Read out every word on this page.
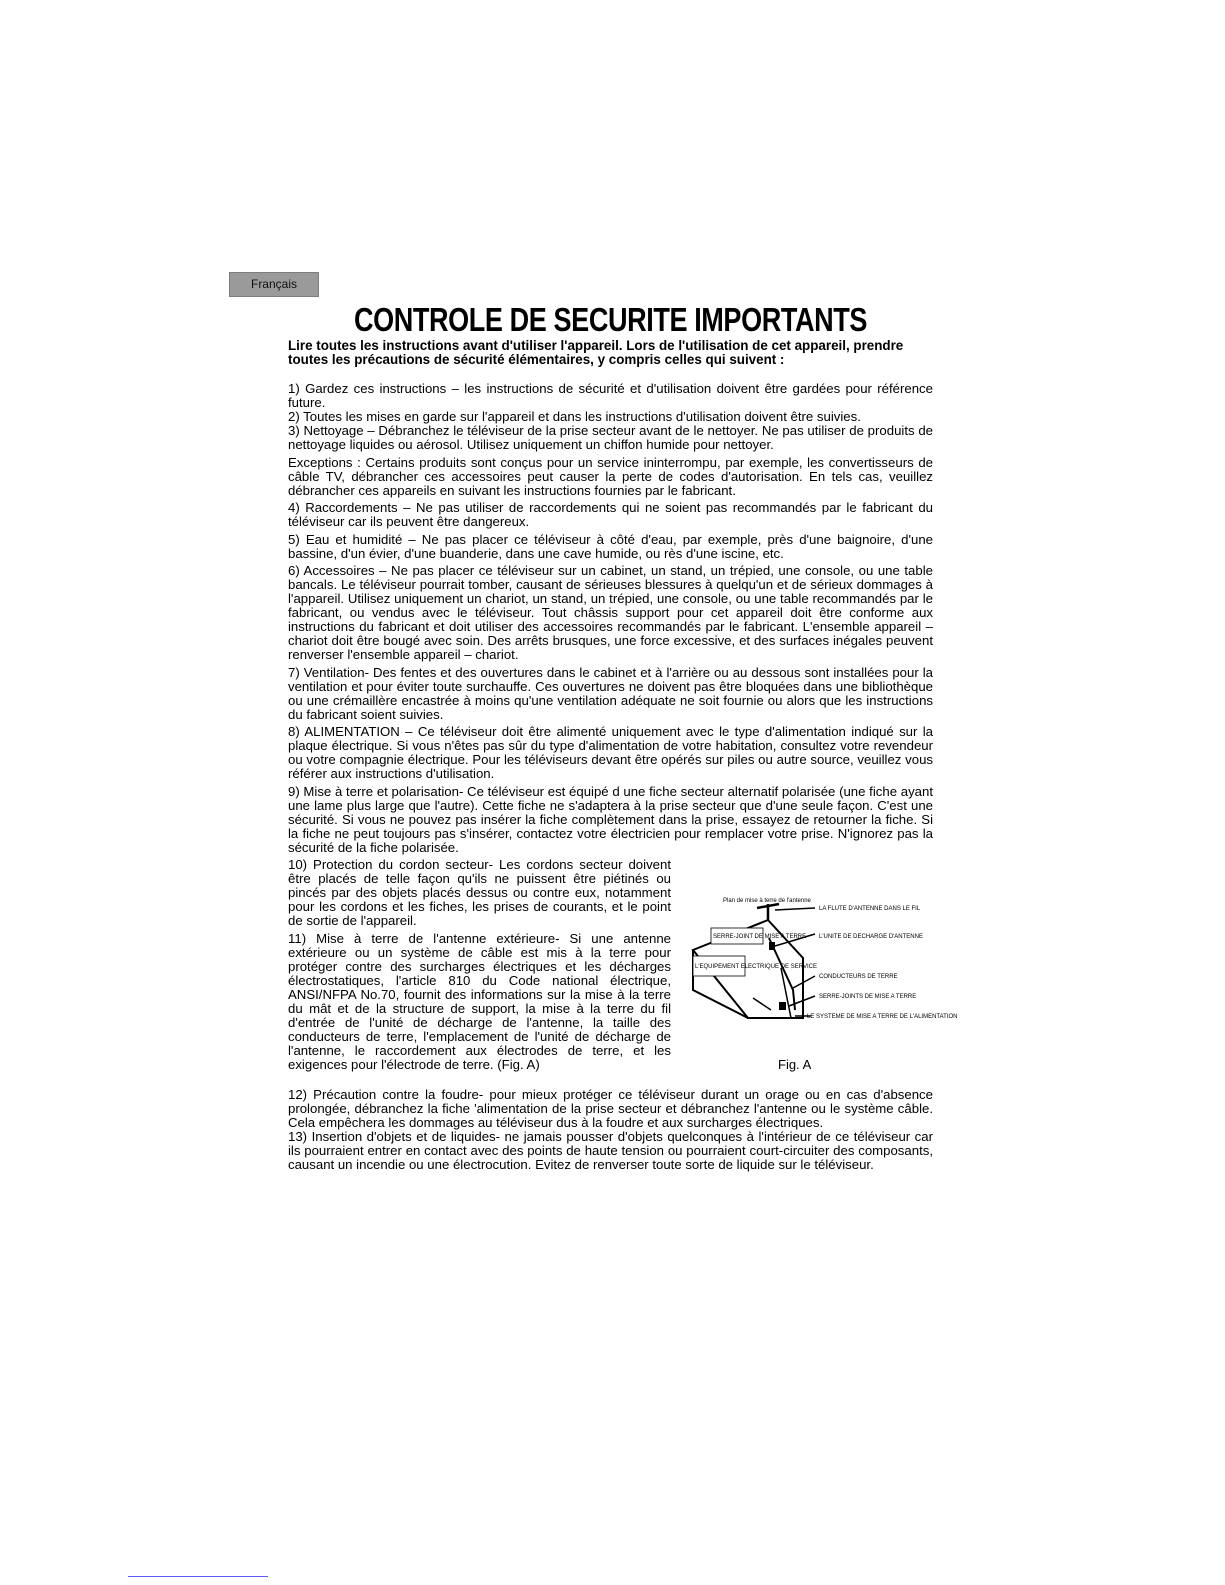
Français
CONTROLE DE SECURITE IMPORTANTS
Lire toutes les instructions avant d'utiliser l'appareil. Lors de l'utilisation de cet appareil, prendre toutes les précautions de sécurité élémentaires, y compris celles qui suivent :

1) Gardez ces instructions – les instructions de sécurité et d'utilisation doivent être gardées pour référence future.

2) Toutes les mises en garde sur l'appareil et dans les instructions d'utilisation doivent être suivies.

3) Nettoyage – Débranchez le téléviseur de la prise secteur avant de le nettoyer. Ne pas utiliser de produits de nettoyage liquides ou aérosol. Utilisez uniquement un chiffon humide pour nettoyer.

Exceptions : Certains produits sont conçus pour un service ininterrompu, par exemple, les convertisseurs de câble TV, débrancher ces accessoires peut causer la perte de codes d'autorisation. En tels cas, veuillez débrancher ces appareils en suivant les instructions fournies par le fabricant.

4) Raccordements – Ne pas utiliser de raccordements qui ne soient pas recommandés par le fabricant du téléviseur car ils peuvent être dangereux.

5) Eau et humidité – Ne pas placer ce téléviseur à côté d'eau, par exemple, près d'une baignoire, d'une bassine, d'un évier, d'une buanderie, dans une cave humide, ou rès d'une iscine, etc.

6) Accessoires – Ne pas placer ce téléviseur sur un cabinet, un stand, un trépied, une console, ou une table bancals. Le téléviseur pourrait tomber, causant de sérieuses blessures à quelqu'un et de sérieux dommages à l'appareil. Utilisez uniquement un chariot, un stand, un trépied, une console, ou une table recommandés par le fabricant, ou vendus avec le téléviseur. Tout châssis support pour cet appareil doit être conforme aux instructions du fabricant et doit utiliser des accessoires recommandés par le fabricant. L'ensemble appareil – chariot doit être bougé avec soin. Des arrêts brusques, une force excessive, et des surfaces inégales peuvent renverser l'ensemble appareil – chariot.

7) Ventilation- Des fentes et des ouvertures dans le cabinet et à l'arrière ou au dessous sont installées pour la ventilation et pour éviter toute surchauffe. Ces ouvertures ne doivent pas être bloquées dans une bibliothèque ou une crémaillère encastrée à moins qu'une ventilation adéquate ne soit fournie ou alors que les instructions du fabricant soient suivies.

8) ALIMENTATION – Ce téléviseur doit être alimenté uniquement avec le type d'alimentation indiqué sur la plaque électrique. Si vous n'êtes pas sûr du type d'alimentation de votre habitation, consultez votre revendeur ou votre compagnie électrique. Pour les téléviseurs devant être opérés sur piles ou autre source, veuillez vous référer aux instructions d'utilisation.

9) Mise à terre et polarisation- Ce téléviseur est équipé d une fiche secteur alternatif polarisée (une fiche ayant une lame plus large que l'autre). Cette fiche ne s'adaptera à la prise secteur que d'une seule façon. C'est une sécurité. Si vous ne pouvez pas insérer la fiche complètement dans la prise, essayez de retourner la fiche. Si la fiche ne peut toujours pas s'insérer, contactez votre électricien pour remplacer votre prise. N'ignorez pas la sécurité de la fiche polarisée.

Plan de mise à terre de l'antenne
LA FLUTE D'ANTENNE DANS LE FIL
L'UNITE DE DECHARGE D'ANTENNE
SERRE-JOINT DE MISE A TERRE
L'EQUIPEMENT ELECTRIQUE DE SERVICE
CONDUCTEURS DE TERRE
SERRE-JOINTS DE MISE A TERRE
LE SYSTEME DE MISE A TERRE DE L'ALIMENTATION
Fig. A

10) Protection du cordon secteur- Les cordons secteur doivent être placés de telle façon qu'ils ne puissent être piétinés ou pincés par des objets placés dessus ou contre eux, notamment pour les cordons et les fiches, les prises de courants, et le point de sortie de l'appareil.

11) Mise à terre de l'antenne extérieure- Si une antenne extérieure ou un système de câble est mis à la terre pour protéger contre des surcharges électriques et les décharges électrostatiques, l'article 810 du Code national électrique, ANSI/NFPA No.70, fournit des informations sur la mise à la terre du mât et de la structure de support, la mise à la terre du fil d'entrée de l'unité de décharge de l'antenne, la taille des conducteurs de terre, l'emplacement de l'unité de décharge de l'antenne, le raccordement aux électrodes de terre, et les exigences pour l'électrode de terre. (Fig. A)

12) Précaution contre la foudre- pour mieux protéger ce téléviseur durant un orage ou en cas d'absence prolongée, débranchez la fiche 'alimentation de la prise secteur et débranchez l'antenne ou le système câble. Cela empêchera les dommages au téléviseur dus à la foudre et aux surcharges électriques.

13) Insertion d'objets et de liquides- ne jamais pousser d'objets quelconques à l'intérieur de ce téléviseur car ils pourraient entrer en contact avec des points de haute tension ou pourraient court-circuiter des composants, causant un incendie ou une électrocution. Evitez de renverser toute sorte de liquide sur le téléviseur.
